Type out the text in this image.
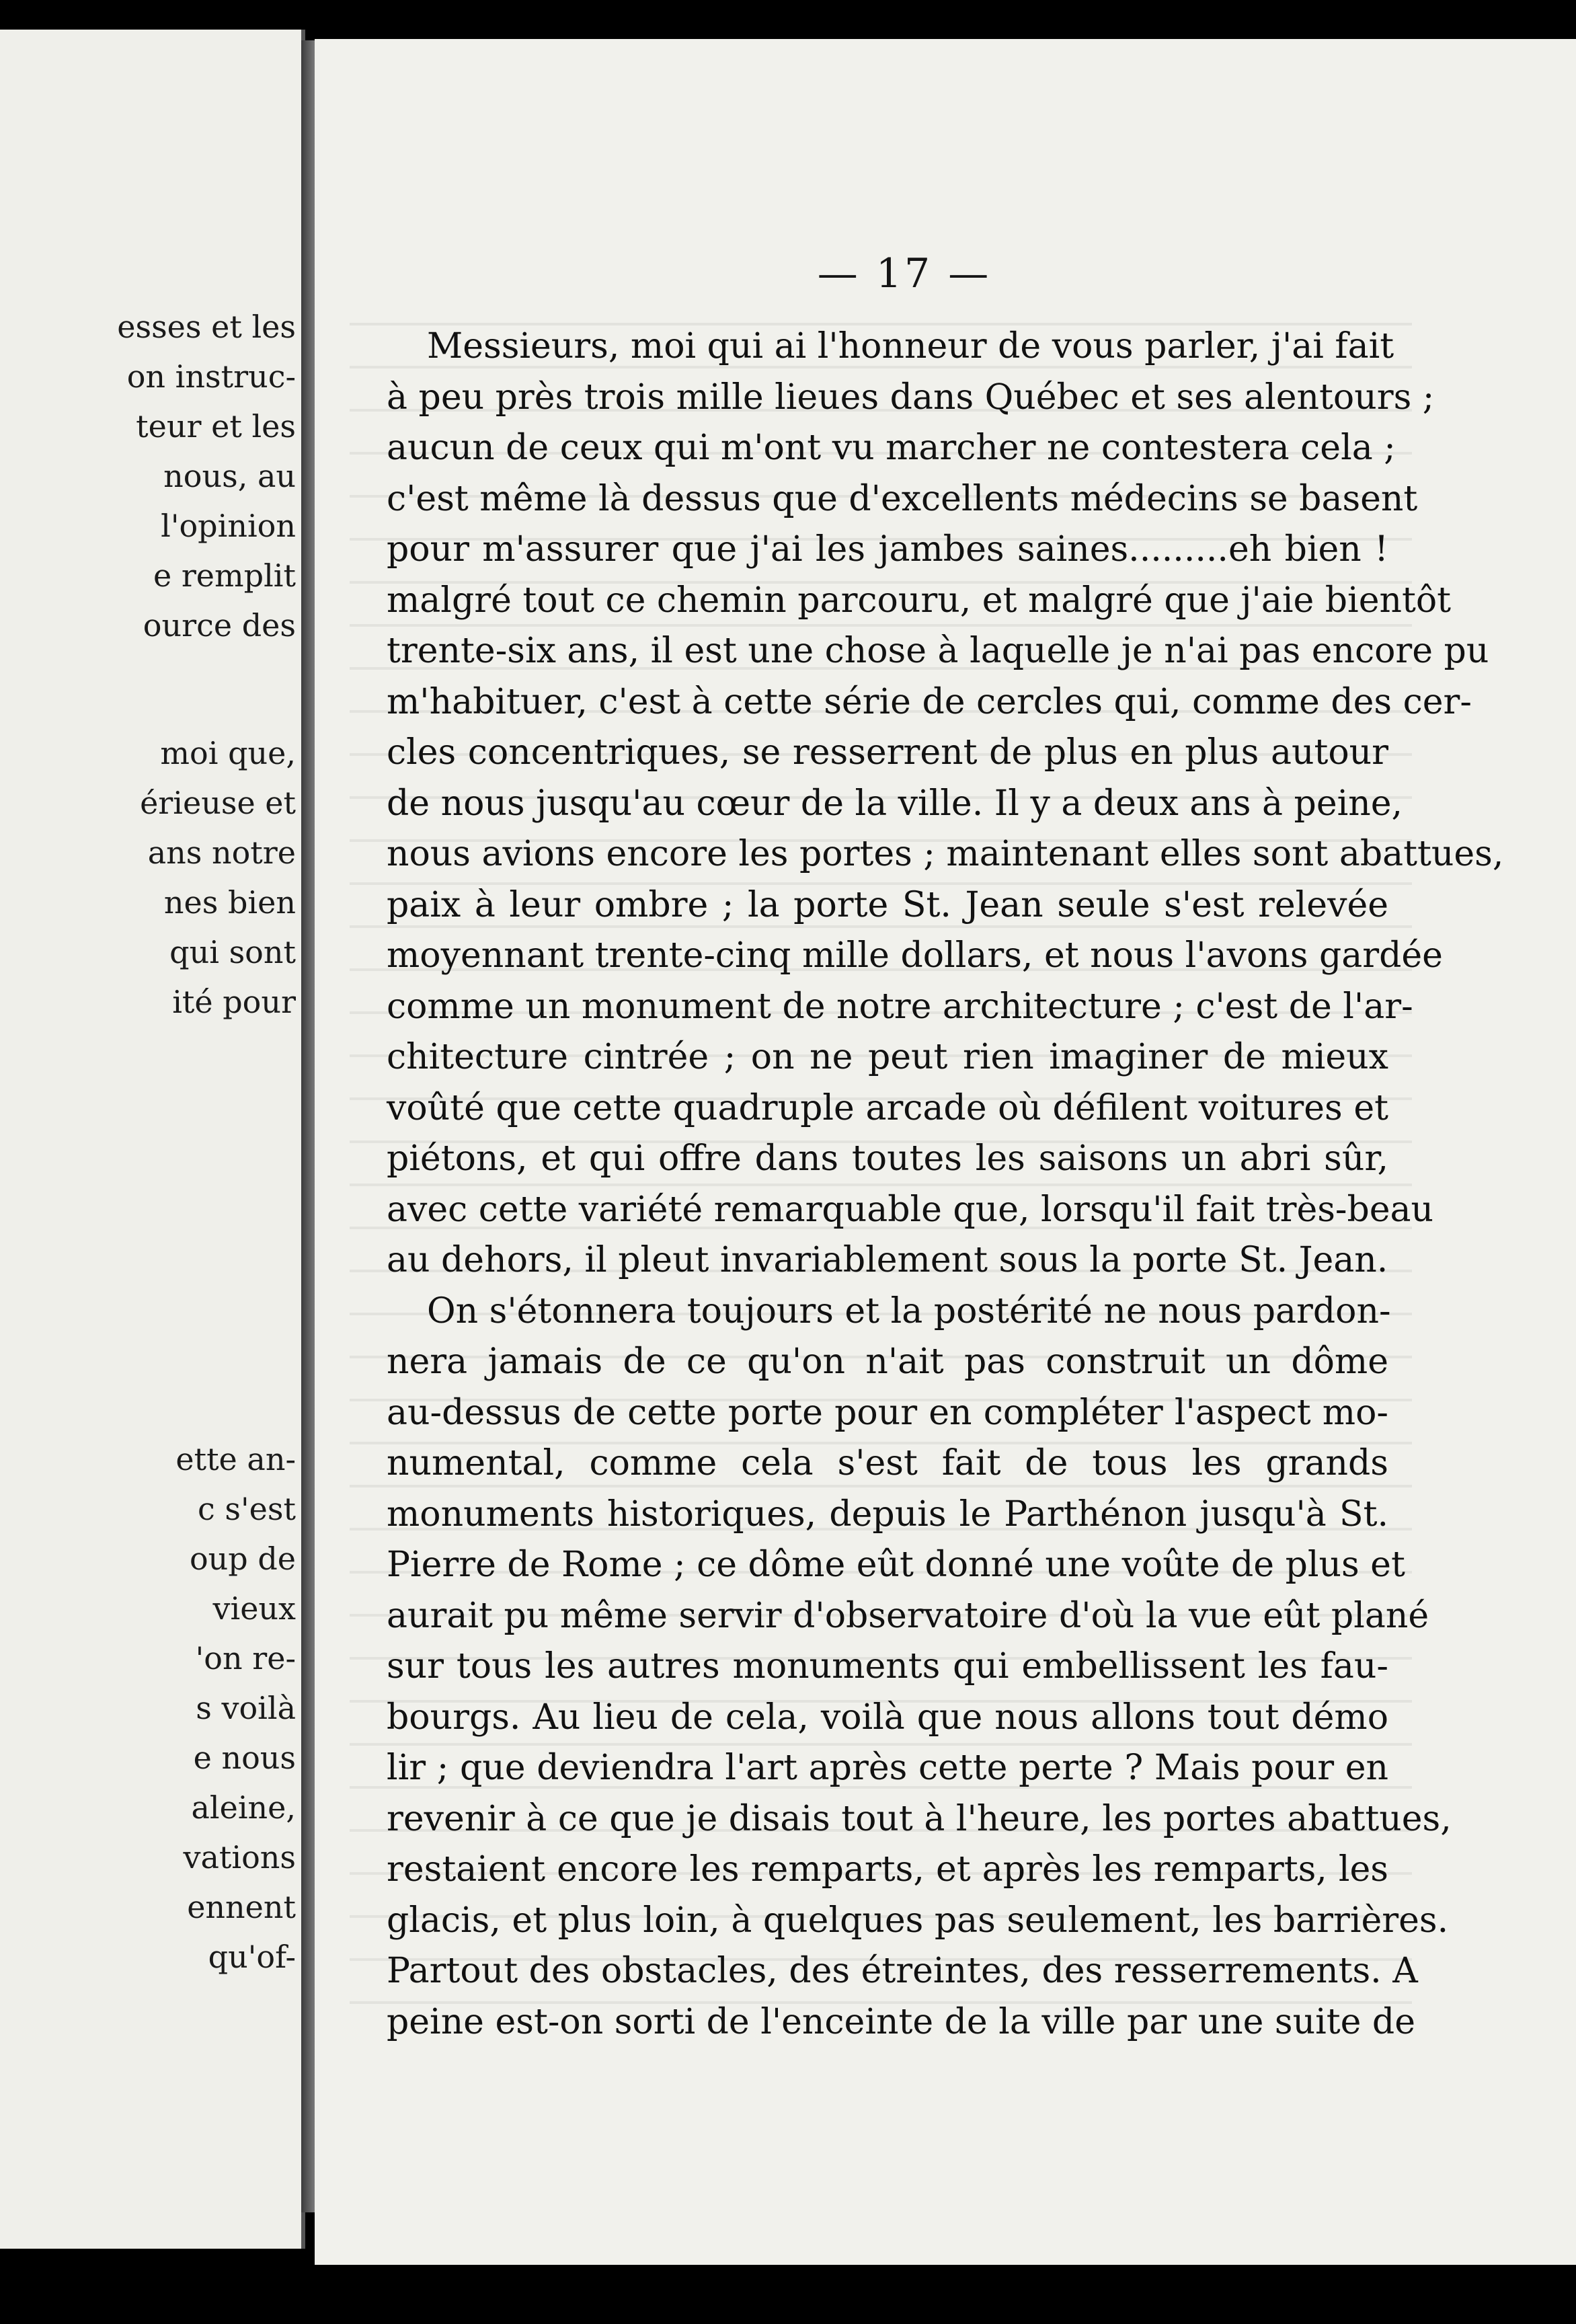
esses et les
on instruc-
teur et les
nous, au
l'opinion
e remplit
ource des
moi que,
érieuse et
ans notre
nes bien
qui sont
ité pour
ette an-
c s'est
oup de
vieux
'on re-
s voilà
e nous
aleine,
vations
ennent
qu'of-
— 17 —
Messieurs, moi qui ai l'honneur de vous parler, j'ai fait
à peu près trois mille lieues dans Québec et ses alentours ;
aucun de ceux qui m'ont vu marcher ne contestera cela ;
c'est même là dessus que d'excellents médecins se basent
pour m'assurer que j'ai les jambes saines.........eh bien !
malgré tout ce chemin parcouru, et malgré que j'aie bientôt
trente-six ans, il est une chose à laquelle je n'ai pas encore pu
m'habituer, c'est à cette série de cercles qui, comme des cer-
cles concentriques, se resserrent de plus en plus autour
de nous jusqu'au cœur de la ville. Il y a deux ans à peine,
nous avions encore les portes ; maintenant elles sont abattues,
paix à leur ombre ; la porte St. Jean seule s'est relevée
moyennant trente-cinq mille dollars, et nous l'avons gardée
comme un monument de notre architecture ; c'est de l'ar-
chitecture cintrée ; on ne peut rien imaginer de mieux
voûté que cette quadruple arcade où défilent voitures et
piétons, et qui offre dans toutes les saisons un abri sûr,
avec cette variété remarquable que, lorsqu'il fait très-beau
au dehors, il pleut invariablement sous la porte St. Jean.
On s'étonnera toujours et la postérité ne nous pardon-
nera jamais de ce qu'on n'ait pas construit un dôme
au-dessus de cette porte pour en compléter l'aspect mo-
numental, comme cela s'est fait de tous les grands
monuments historiques, depuis le Parthénon jusqu'à St.
Pierre de Rome ; ce dôme eût donné une voûte de plus et
aurait pu même servir d'observatoire d'où la vue eût plané
sur tous les autres monuments qui embellissent les fau-
bourgs. Au lieu de cela, voilà que nous allons tout démo
lir ; que deviendra l'art après cette perte ? Mais pour en
revenir à ce que je disais tout à l'heure, les portes abattues,
restaient encore les remparts, et après les remparts, les
glacis, et plus loin, à quelques pas seulement, les barrières.
Partout des obstacles, des étreintes, des resserrements. A
peine est-on sorti de l'enceinte de la ville par une suite de
